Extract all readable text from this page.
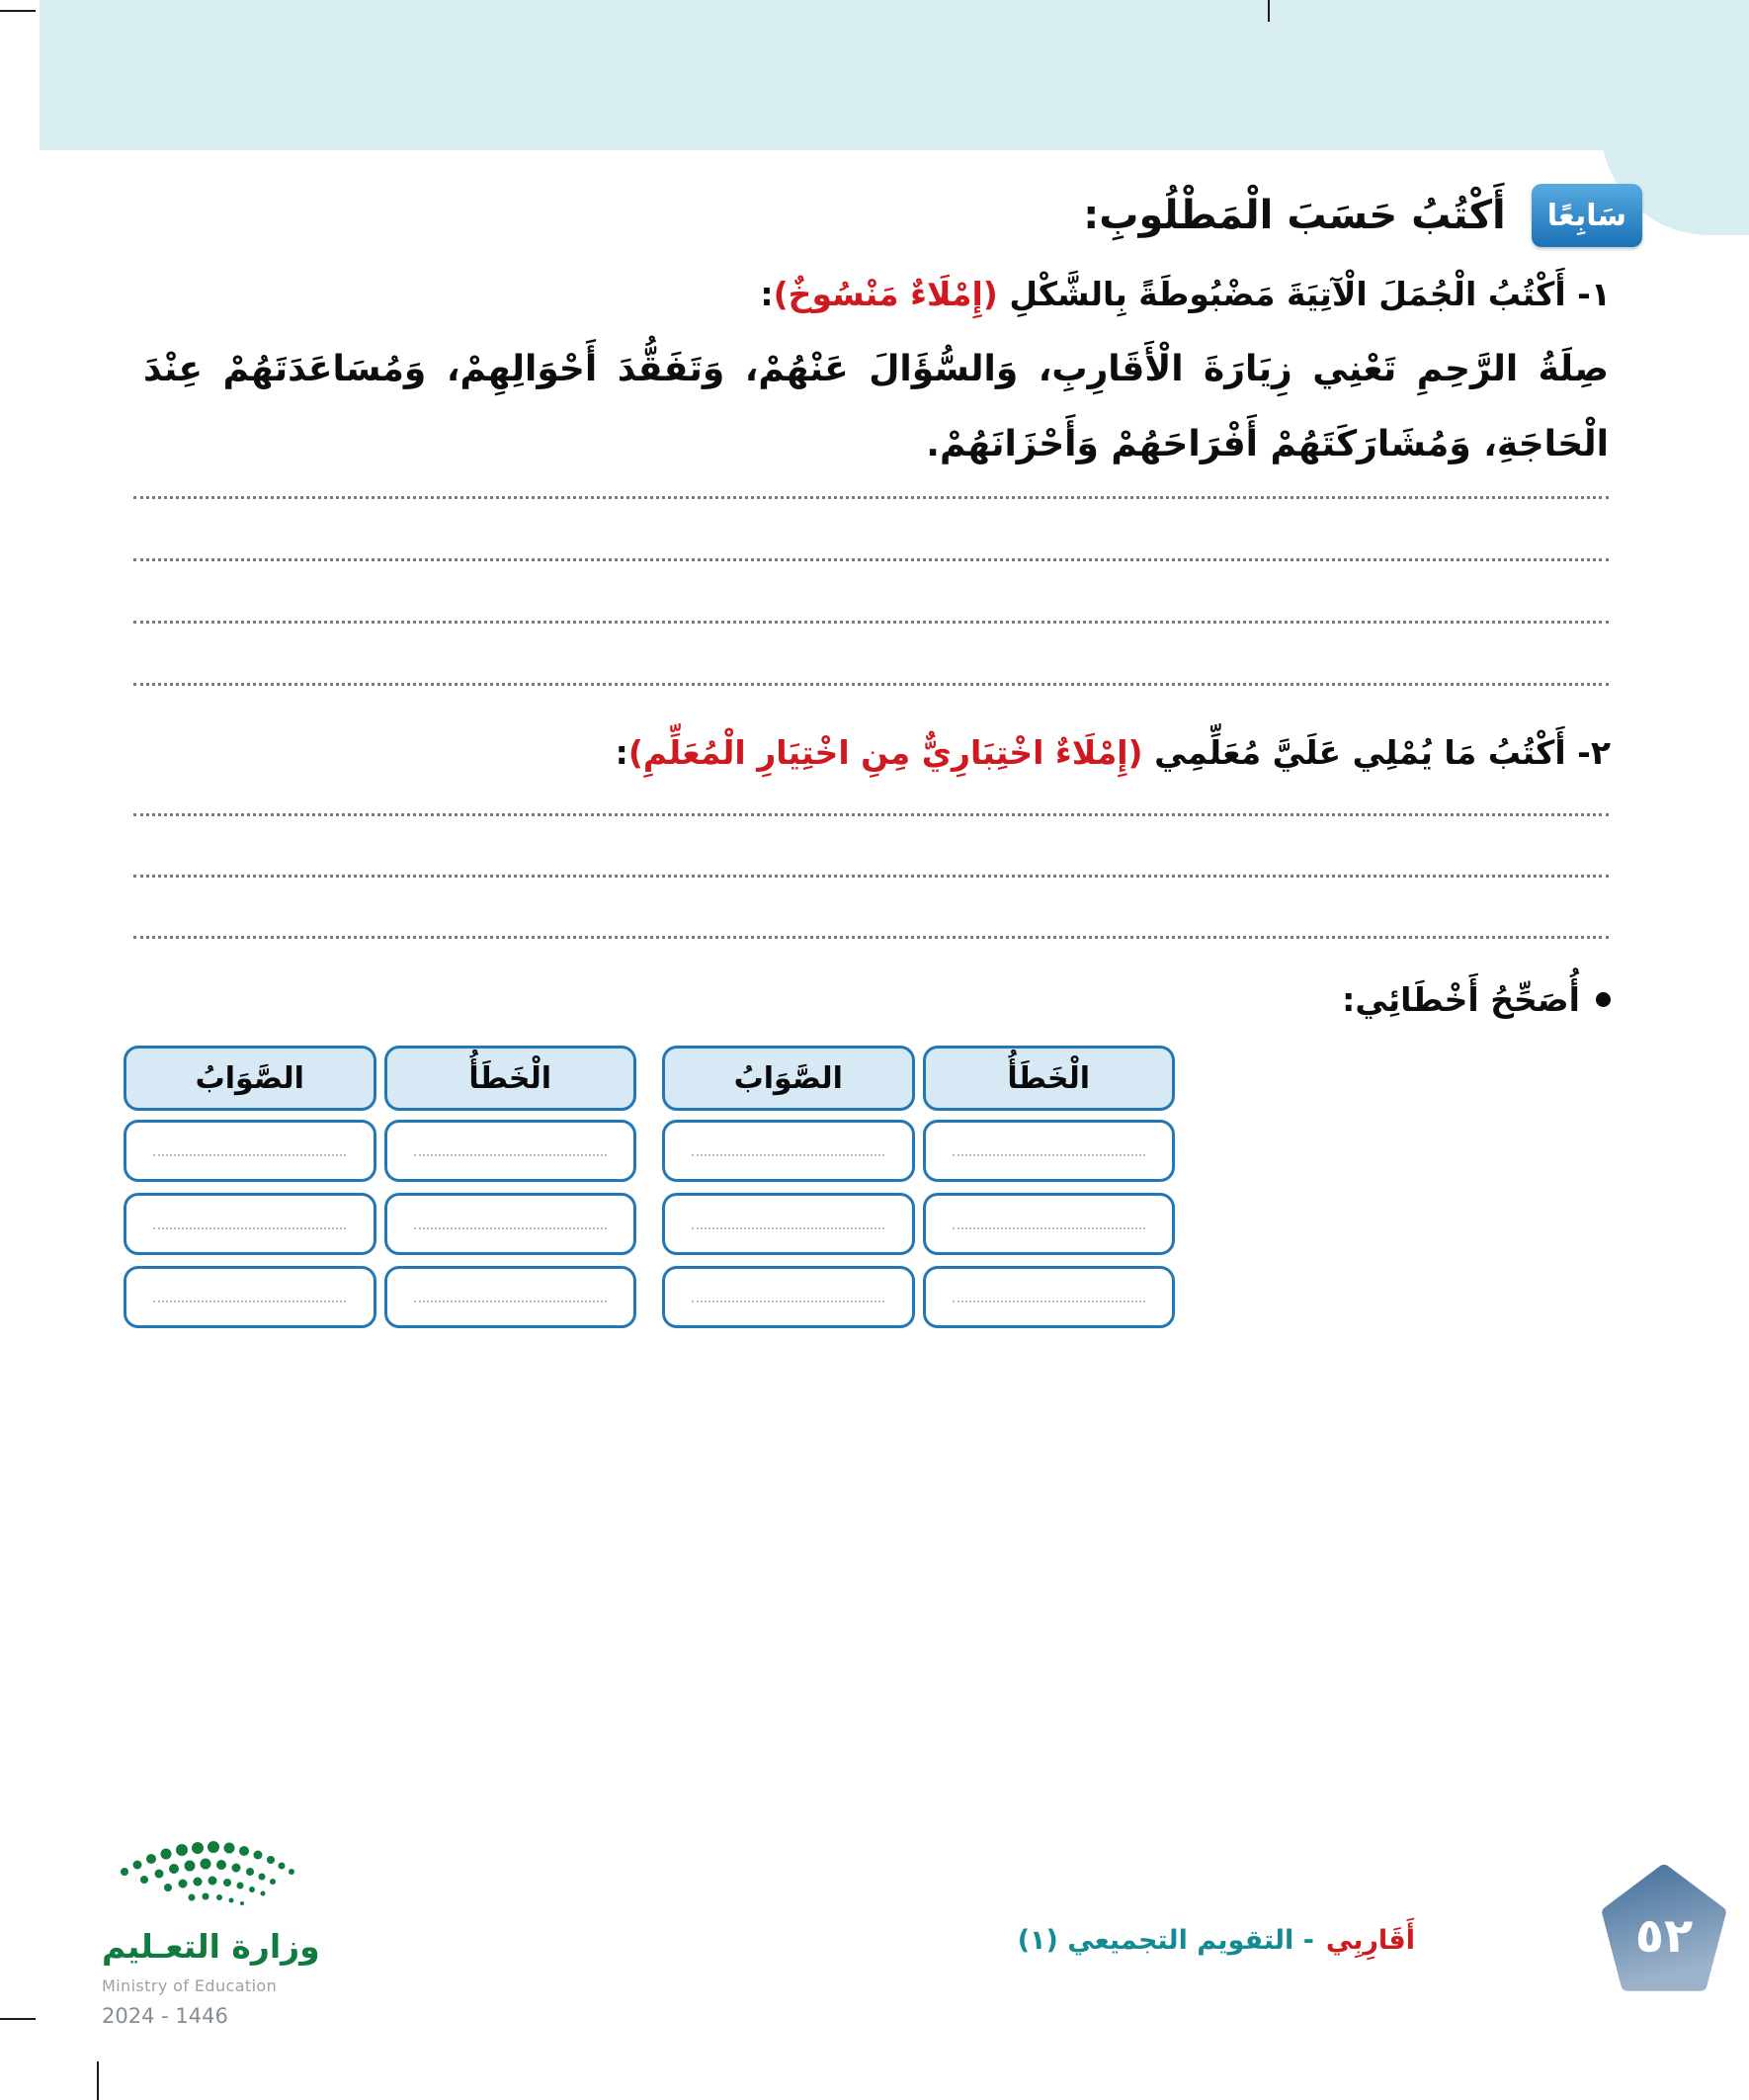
سَابِعًا
أَكْتُبُ حَسَبَ الْمَطْلُوبِ:
١- أَكْتُبُ الْجُمَلَ الْآتِيَةَ مَضْبُوطَةً بِالشَّكْلِ (إِمْلَاءٌ مَنْسُوخٌ):

صِلَةُ الرَّحِمِ تَعْنِي زِيَارَةَ الْأَقَارِبِ، وَالسُّؤَالَ عَنْهُمْ، وَتَفَقُّدَ أَحْوَالِهِمْ، وَمُسَاعَدَتَهُمْ عِنْدَ الْحَاجَةِ، وَمُشَارَكَتَهُمْ أَفْرَاحَهُمْ وَأَحْزَانَهُمْ.

٢- أَكْتُبُ مَا يُمْلِي عَلَيَّ مُعَلِّمِي (إِمْلَاءٌ اخْتِبَارِيٌّ مِنِ اخْتِيَارِ الْمُعَلِّمِ):
أُصَحِّحُ أَخْطَائِي:
الْخَطَأُ
الصَّوَابُ
الْخَطَأُ
الصَّوَابُ
وزارة التعـليم
Ministry of Education
2024 - 1446
أَقَارِبِي
- التقويم التجميعي (١)	٥٢
